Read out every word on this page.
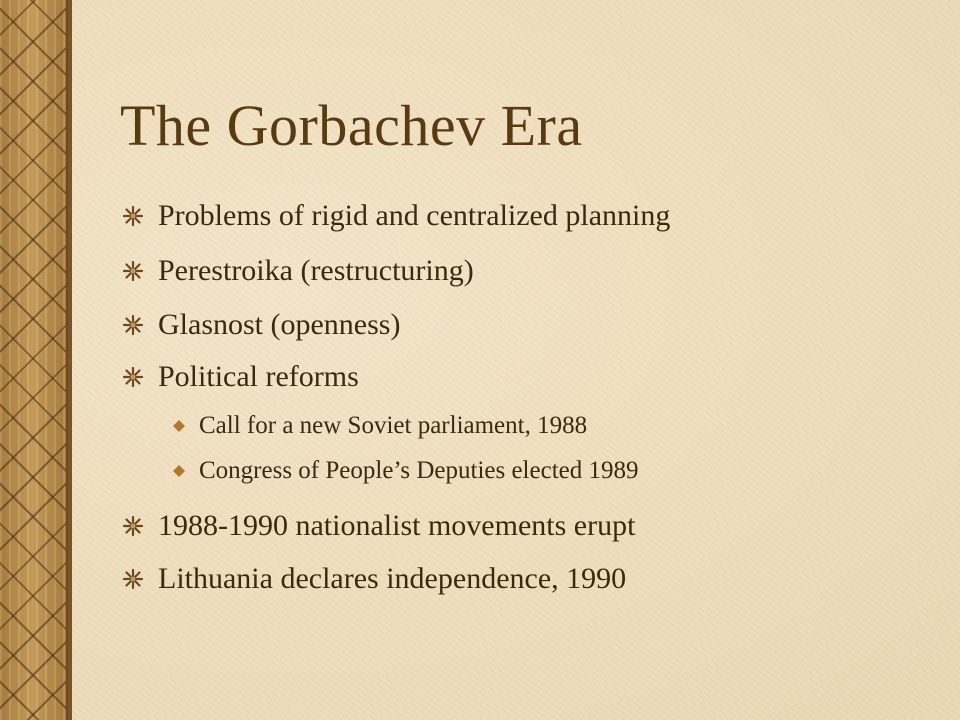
The Gorbachev Era
Problems of rigid and centralized planning
Perestroika (restructuring)
Glasnost (openness)
Political reforms
Call for a new Soviet parliament, 1988
Congress of People’s Deputies elected 1989
1988-1990 nationalist movements erupt
Lithuania declares independence, 1990
